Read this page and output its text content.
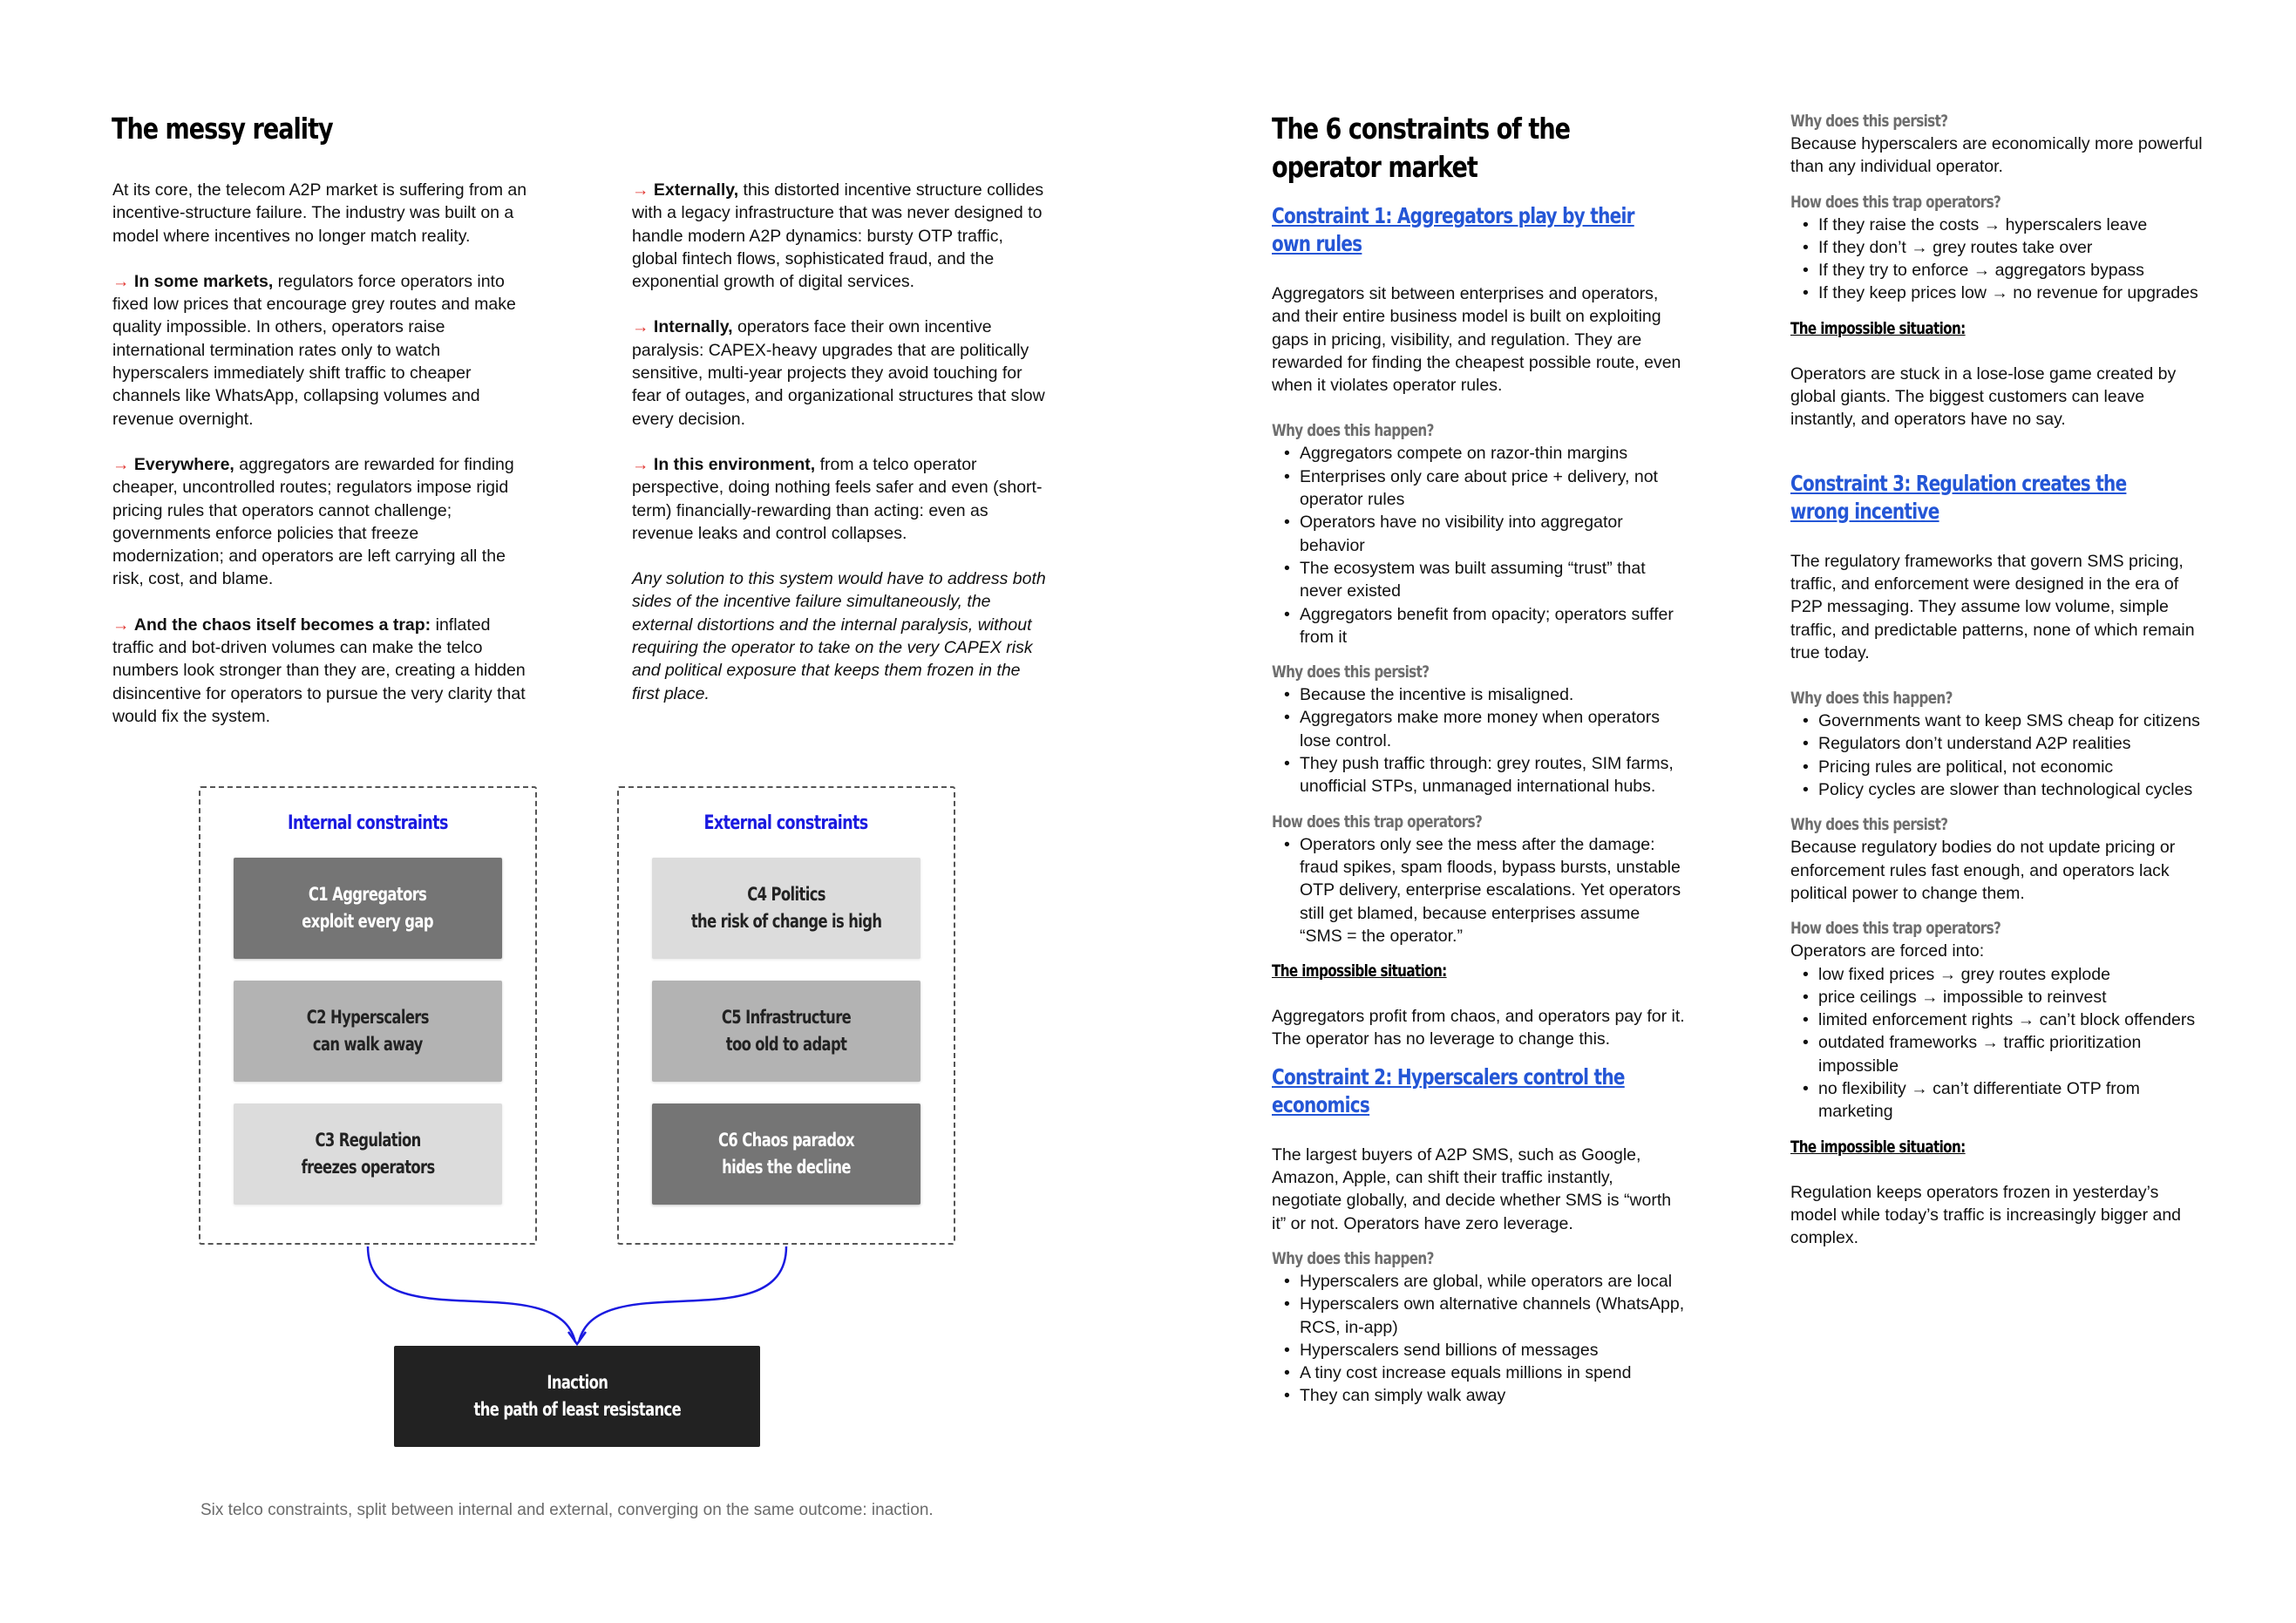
The messy reality

At its core, the telecom A2P market is suffering from an incentive-structure failure. The industry was built on a model where incentives no longer match reality.

→ In some markets, regulators force operators into fixed low prices that encourage grey routes and make quality impossible. In others, operators raise international termination rates only to watch hyperscalers immediately shift traffic to cheaper channels like WhatsApp, collapsing volumes and revenue overnight.

→ Everywhere, aggregators are rewarded for finding cheaper, uncontrolled routes; regulators impose rigid pricing rules that operators cannot challenge; governments enforce policies that freeze modernization; and operators are left carrying all the risk, cost, and blame.

→ And the chaos itself becomes a trap: inflated traffic and bot-driven volumes can make the telco numbers look stronger than they are, creating a hidden disincentive for operators to pursue the very clarity that would fix the system.

→ Externally, this distorted incentive structure collides with a legacy infrastructure that was never designed to handle modern A2P dynamics: bursty OTP traffic, global fintech flows, sophisticated fraud, and the exponential growth of digital services.

→ Internally, operators face their own incentive paralysis: CAPEX-heavy upgrades that are politically sensitive, multi-year projects they avoid touching for fear of outages, and organizational structures that slow every decision.

→ In this environment, from a telco operator perspective, doing nothing feels safer and even (short-term) financially-rewarding than acting: even as revenue leaks and control collapses.

Any solution to this system would have to address both sides of the incentive failure simultaneously, the external distortions and the internal paralysis, without requiring the operator to take on the very CAPEX risk and political exposure that keeps them frozen in the first place.

Internal constraints	External constraints
C1 Aggregators
exploit every gap
C2 Hyperscalers
can walk away
C3 Regulation
freezes operators
C4 Politics
the risk of change is high
C5 Infrastructure
too old to adapt
C6 Chaos paradox
hides the decline
Inaction
the path of least resistance
Six telco constraints, split between internal and external, converging on the same outcome: inaction.
The 6 constraints of the
operator market
Constraint 1: Aggregators play by their
own rules

Aggregators sit between enterprises and operators, and their entire business model is built on exploiting gaps in pricing, visibility, and regulation. They are rewarded for finding the cheapest possible route, even when it violates operator rules.

Why does this happen?
• Aggregators compete on razor-thin margins
• Enterprises only care about price + delivery, not operator rules
• Operators have no visibility into aggregator behavior
• The ecosystem was built assuming “trust” that never existed
• Aggregators benefit from opacity; operators suffer from it
Why does this persist?
• Because the incentive is misaligned.
• Aggregators make more money when operators lose control.
• They push traffic through: grey routes, SIM farms, unofficial STPs, unmanaged international hubs.
How does this trap operators?
• Operators only see the mess after the damage: fraud spikes, spam floods, bypass bursts, unstable OTP delivery, enterprise escalations. Yet operators still get blamed, because enterprises assume “SMS = the operator.”
The impossible situation:

Aggregators profit from chaos, and operators pay for it. The operator has no leverage to change this.

Constraint 2: Hyperscalers control the
economics

The largest buyers of A2P SMS, such as Google, Amazon, Apple, can shift their traffic instantly, negotiate globally, and decide whether SMS is “worth it” or not. Operators have zero leverage.

Why does this happen?
• Hyperscalers are global, while operators are local
• Hyperscalers own alternative channels (WhatsApp, RCS, in-app)
• Hyperscalers send billions of messages
• A tiny cost increase equals millions in spend
• They can simply walk away
Why does this persist?

Because hyperscalers are economically more powerful than any individual operator.

How does this trap operators?
• If they raise the costs → hyperscalers leave
• If they don’t → grey routes take over
• If they try to enforce → aggregators bypass
• If they keep prices low → no revenue for upgrades
The impossible situation:

Operators are stuck in a lose-lose game created by global giants. The biggest customers can leave instantly, and operators have no say.

Constraint 3: Regulation creates the
wrong incentive

The regulatory frameworks that govern SMS pricing, traffic, and enforcement were designed in the era of P2P messaging. They assume low volume, simple traffic, and predictable patterns, none of which remain true today.

Why does this happen?
• Governments want to keep SMS cheap for citizens
• Regulators don’t understand A2P realities
• Pricing rules are political, not economic
• Policy cycles are slower than technological cycles
Why does this persist?

Because regulatory bodies do not update pricing or enforcement rules fast enough, and operators lack political power to change them.

How does this trap operators?

Operators are forced into:

• low fixed prices → grey routes explode
• price ceilings → impossible to reinvest
• limited enforcement rights → can’t block offenders
• outdated frameworks → traffic prioritization impossible
• no flexibility → can’t differentiate OTP from marketing
The impossible situation:

Regulation keeps operators frozen in yesterday’s model while today’s traffic is increasingly bigger and complex.
